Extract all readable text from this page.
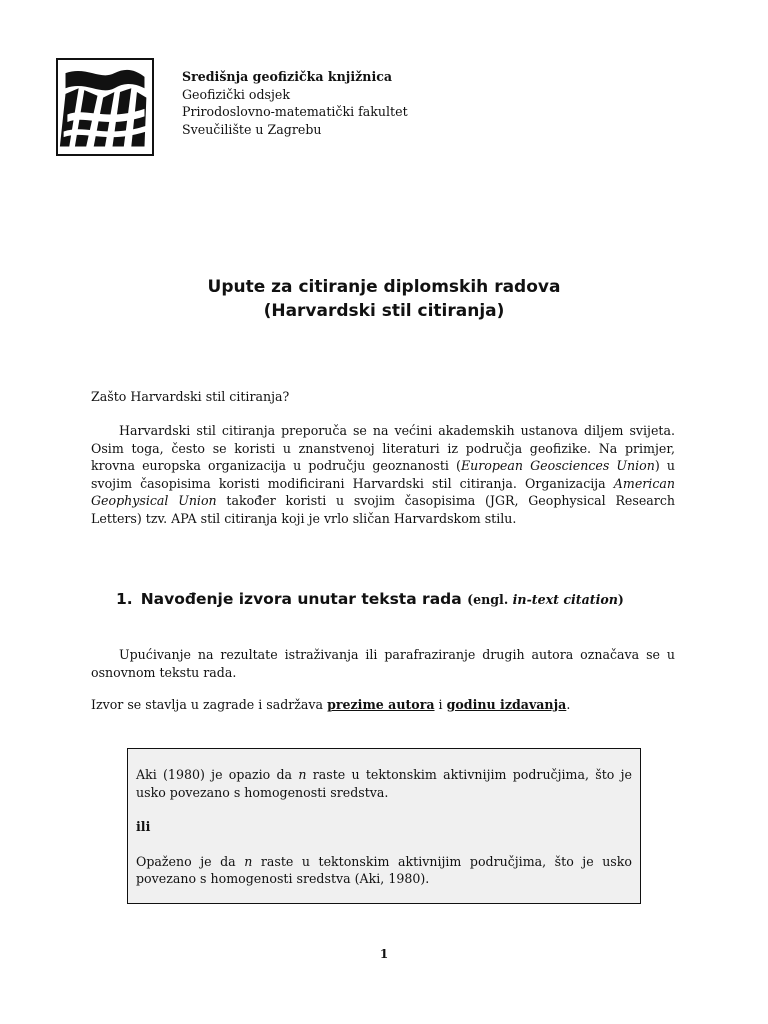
Središnja geofizička knjižnica
Geofizički odsjek
Prirodoslovno-matematički fakultet
Sveučilište u Zagrebu
Upute za citiranje diplomskih radova
(Harvardski stil citiranja)
Zašto Harvardski stil citiranja?
Harvardski stil citiranja preporuča se na većini akademskih ustanova diljem svijeta. Osim toga, često se koristi u znanstvenoj literaturi iz područja geofizike. Na primjer, krovna europska organizacija u području geoznanosti (European Geosciences Union) u svojim časopisima koristi modificirani Harvardski stil citiranja. Organizacija American Geophysical Union također koristi u svojim časopisima (JGR, Geophysical Research Letters) tzv. APA stil citiranja koji je vrlo sličan Harvardskom stilu.
1. Navođenje izvora unutar teksta rada (engl. in-text citation)
Upućivanje na rezultate istraživanja ili parafraziranje drugih autora označava se u osnovnom tekstu rada.
Izvor se stavlja u zagrade i sadržava prezime autora i godinu izdavanja.

Aki (1980) je opazio da n raste u tektonskim aktivnijim područjima, što je usko povezano s homogenosti sredstva.

ili

Opaženo je da n raste u tektonskim aktivnijim područjima, što je usko povezano s homogenosti sredstva (Aki, 1980).

1
